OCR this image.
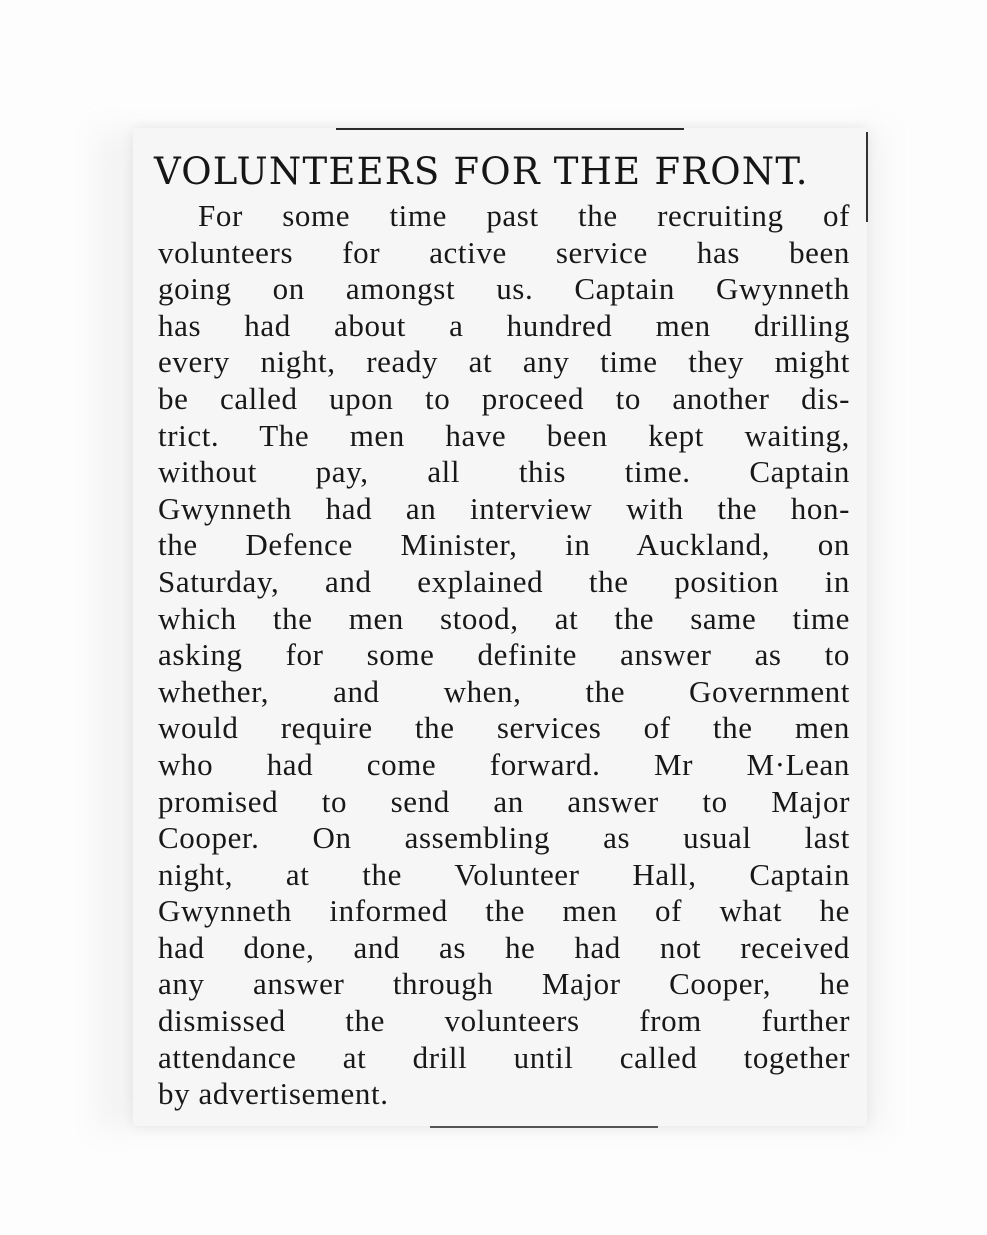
VOLUNTEERS FOR THE FRONT.
For some time past the recruiting of
volunteers for active service has been
going on amongst us. Captain Gwynneth
has had about a hundred men drilling
every night, ready at any time they might
be called upon to proceed to another dis-
trict. The men have been kept waiting,
without pay, all this time. Captain
Gwynneth had an interview with the hon-
the Defence Minister, in Auckland, on
Saturday, and explained the position in
which the men stood, at the same time
asking for some definite answer as to
whether, and when, the Government
would require the services of the men
who had come forward. Mr M·Lean
promised to send an answer to Major
Cooper. On assembling as usual last
night, at the Volunteer Hall, Captain
Gwynneth informed the men of what he
had done, and as he had not received
any answer through Major Cooper, he
dismissed the volunteers from further
attendance at drill until called together
by advertisement.
